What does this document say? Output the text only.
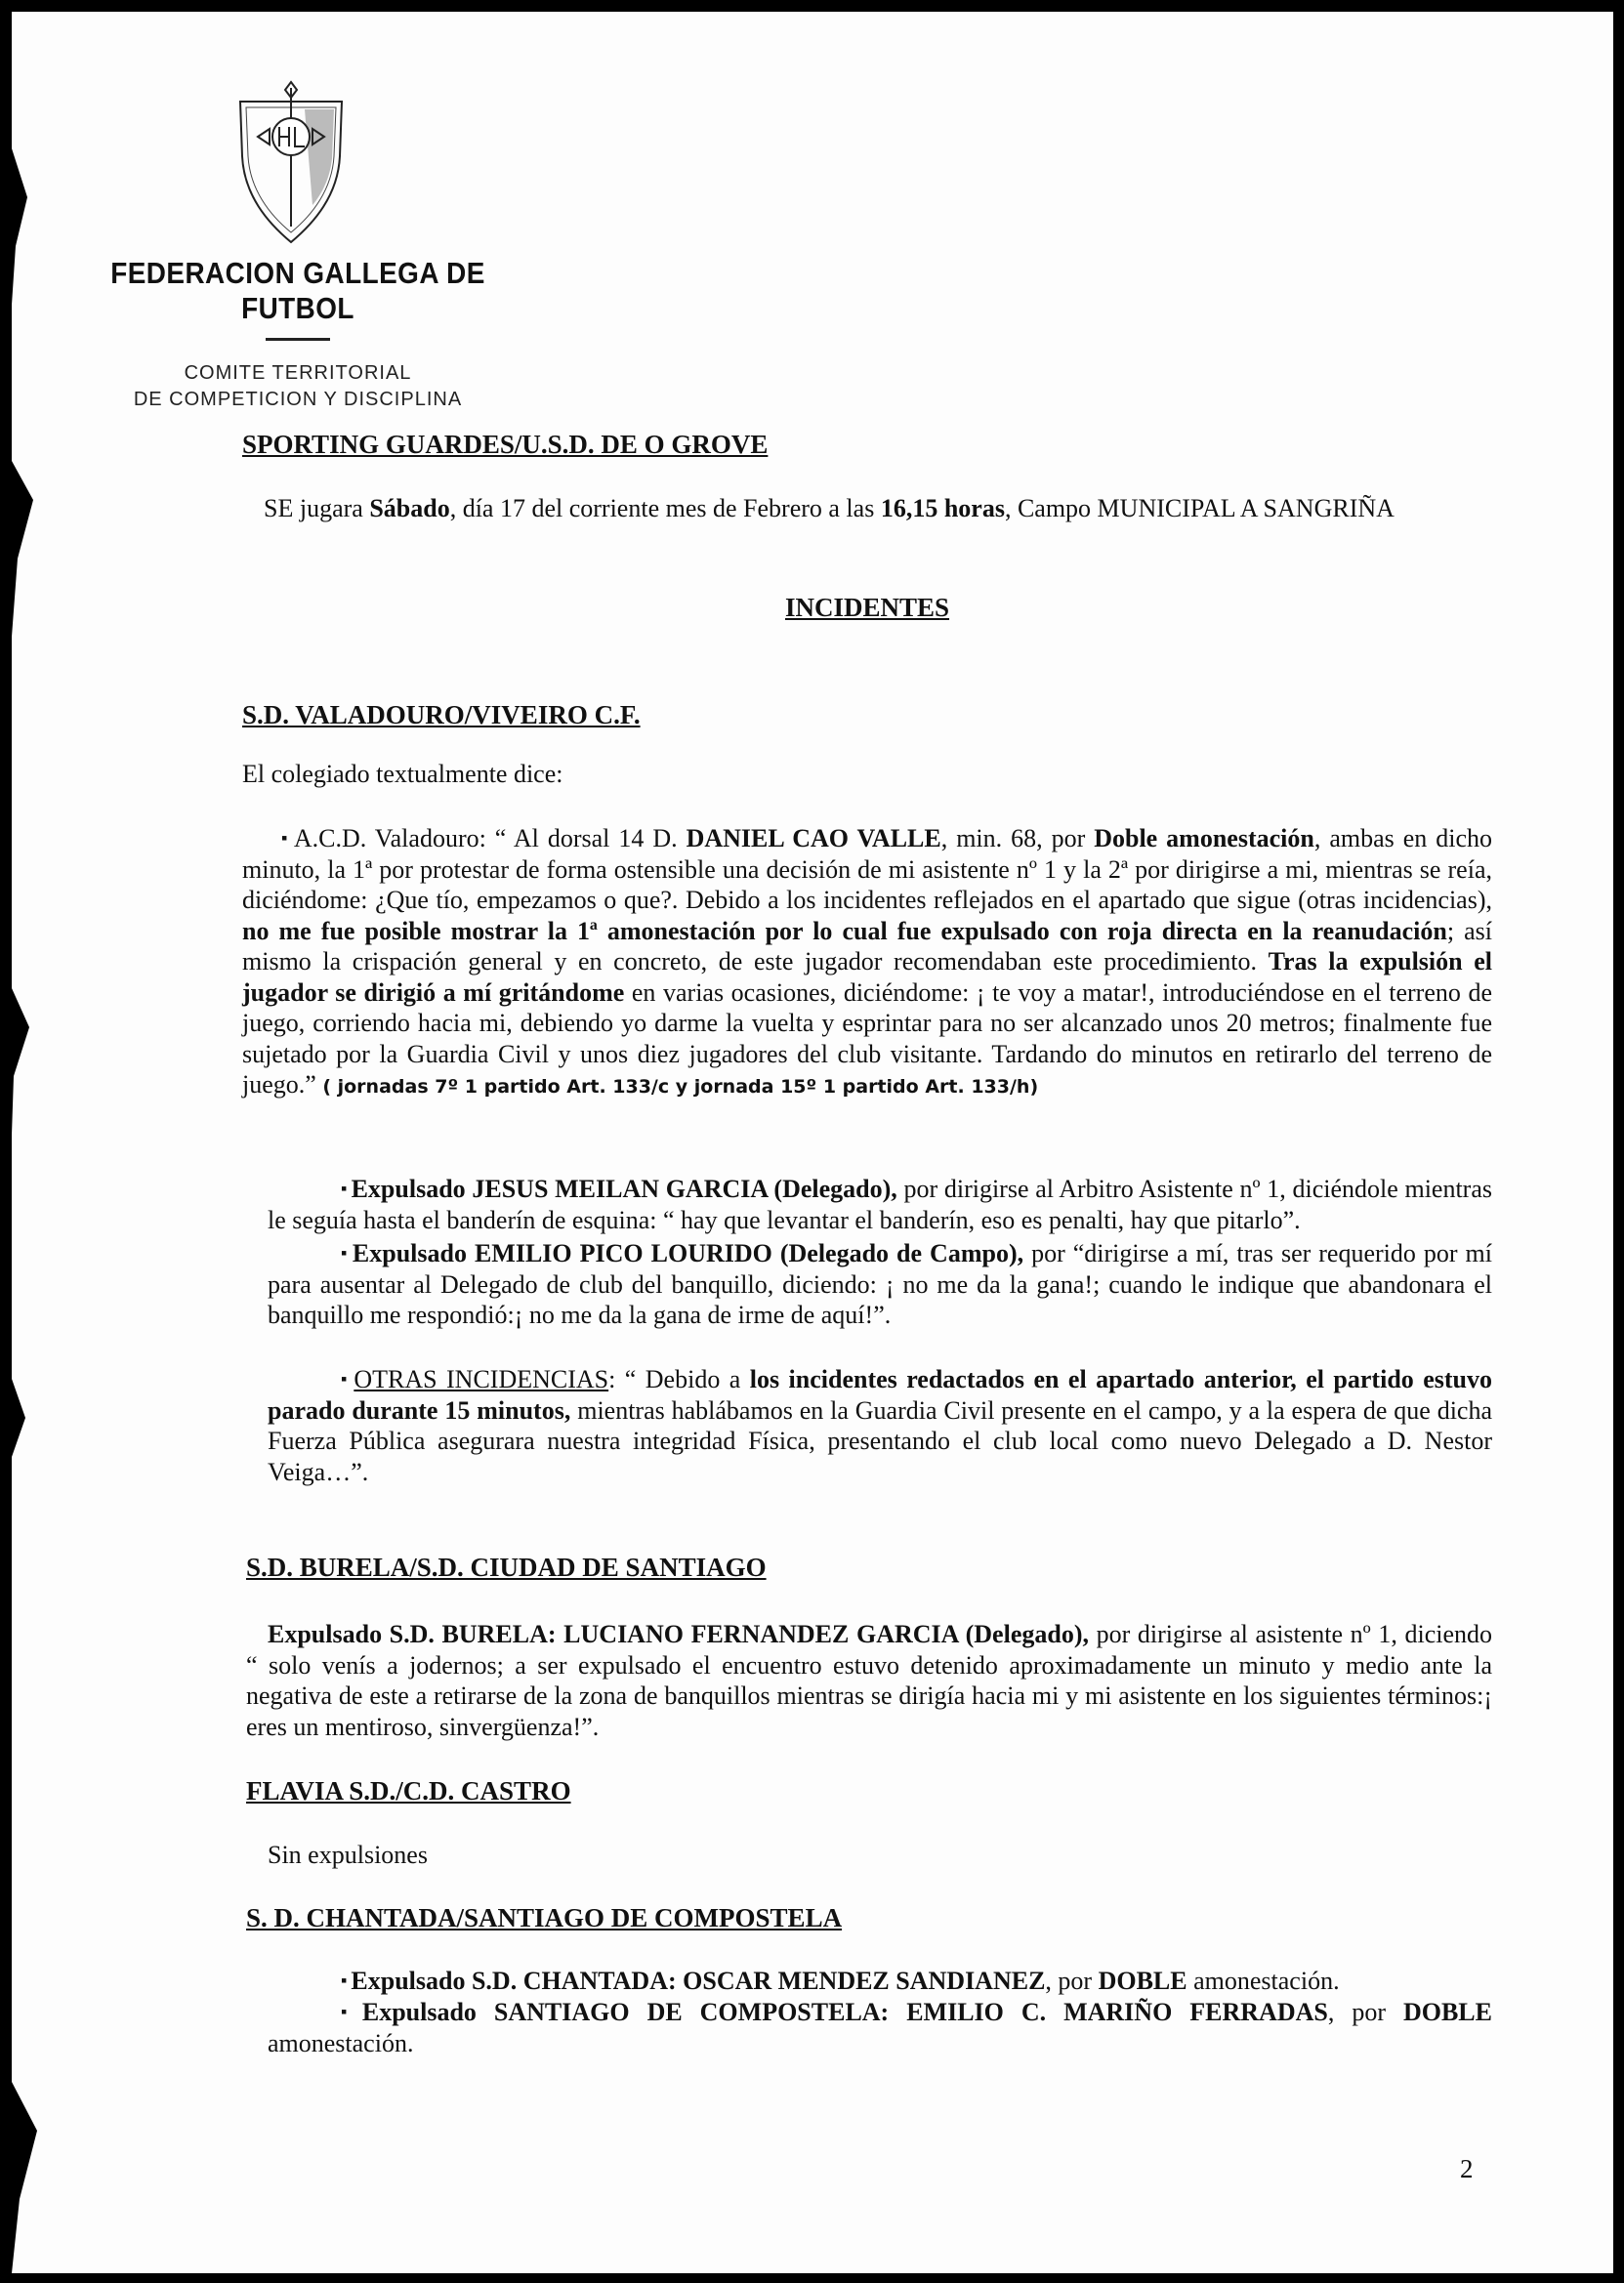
FEDERACION GALLEGA DE FUTBOL
COMITE TERRITORIAL
DE COMPETICION Y DISCIPLINA
SPORTING GUARDES/U.S.D. DE O GROVE
SE jugara Sábado, día 17 del corriente mes de Febrero a las 16,15 horas, Campo MUNICIPAL A SANGRIÑA
INCIDENTES
S.D. VALADOURO/VIVEIRO C.F.
El colegiado textualmente dice:
▪ A.C.D. Valadouro: “ Al dorsal 14 D. DANIEL CAO VALLE, min. 68, por Doble amonestación, ambas en dicho minuto, la 1ª por protestar de forma ostensible una decisión de mi asistente nº 1 y la 2ª por dirigirse a mi, mientras se reía, diciéndome: ¿Que tío, empezamos o que?. Debido a los incidentes reflejados en el apartado que sigue (otras incidencias), no me fue posible mostrar la 1ª amonestación por lo cual fue expulsado con roja directa en la reanudación; así mismo la crispación general y en concreto, de este jugador recomendaban este procedimiento. Tras la expulsión el jugador se dirigió a mí gritándome en varias ocasiones, diciéndome: ¡ te voy a matar!, introduciéndose en el terreno de juego, corriendo hacia mi, debiendo yo darme la vuelta y esprintar para no ser alcanzado unos 20 metros; finalmente fue sujetado por la Guardia Civil y unos diez jugadores del club visitante. Tardando do minutos en retirarlo del terreno de juego.” ( jornadas 7º 1 partido Art. 133/c y jornada 15º 1 partido Art. 133/h)
▪ Expulsado JESUS MEILAN GARCIA (Delegado), por dirigirse al Arbitro Asistente nº 1, diciéndole mientras le seguía hasta el banderín de esquina: “ hay que levantar el banderín, eso es penalti, hay que pitarlo”.
▪ Expulsado EMILIO PICO LOURIDO (Delegado de Campo), por “dirigirse a mí, tras ser requerido por mí para ausentar al Delegado de club del banquillo, diciendo: ¡ no me da la gana!; cuando le indique que abandonara el banquillo me respondió:¡ no me da la gana de irme de aquí!”.
▪ OTRAS INCIDENCIAS: “ Debido a los incidentes redactados en el apartado anterior, el partido estuvo parado durante 15 minutos, mientras hablábamos en la Guardia Civil presente en el campo, y a la espera de que dicha Fuerza Pública asegurara nuestra integridad Física, presentando el club local como nuevo Delegado a D. Nestor Veiga…”.
S.D. BURELA/S.D. CIUDAD DE SANTIAGO
Expulsado S.D. BURELA: LUCIANO FERNANDEZ GARCIA (Delegado), por dirigirse al asistente nº 1, diciendo “ solo venís a jodernos; a ser expulsado el encuentro estuvo detenido aproximadamente un minuto y medio ante la negativa de este a retirarse de la zona de banquillos mientras se dirigía hacia mi y mi asistente en los siguientes términos:¡ eres un mentiroso, sinvergüenza!”.
FLAVIA S.D./C.D. CASTRO
Sin expulsiones
S. D. CHANTADA/SANTIAGO DE COMPOSTELA
▪ Expulsado S.D. CHANTADA: OSCAR MENDEZ SANDIANEZ, por DOBLE amonestación.
▪ Expulsado SANTIAGO DE COMPOSTELA: EMILIO C. MARIÑO FERRADAS, por DOBLE amonestación.
2
